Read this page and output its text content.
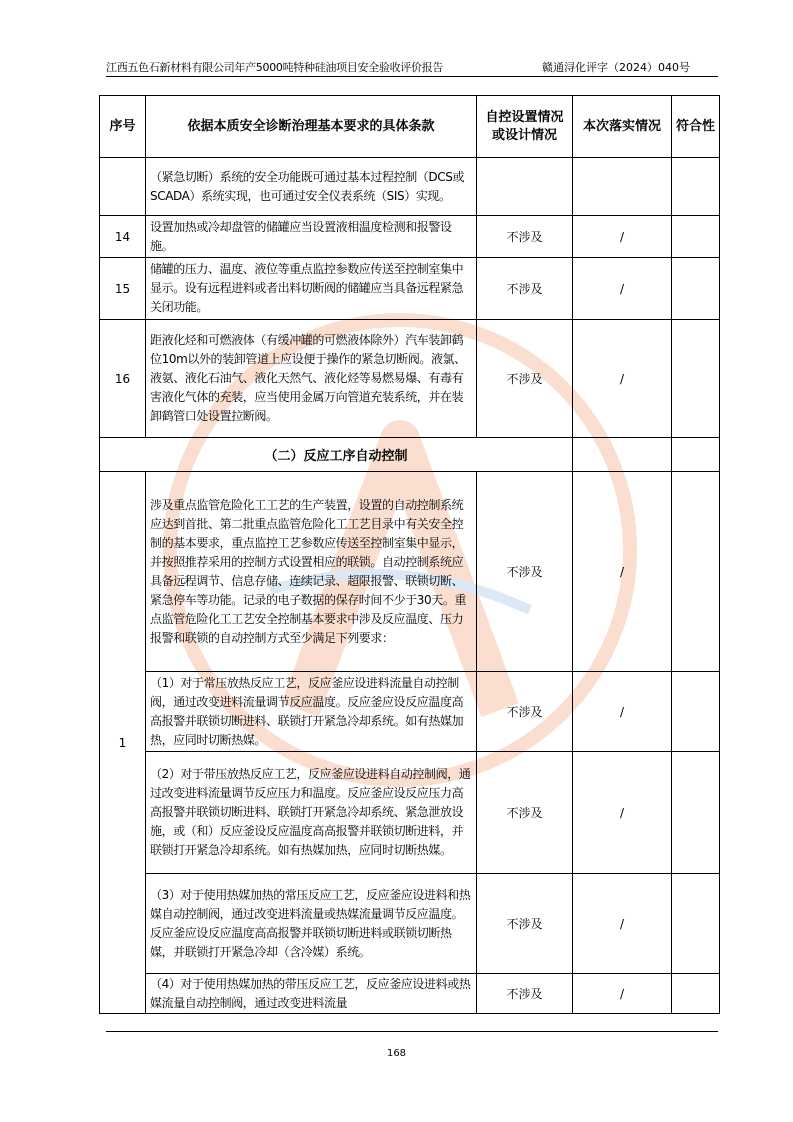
江西五色石新材料有限公司年产5000吨特种硅油项目安全验收评价报告	赣通浔化评字（2024）040号
序号	依据本质安全诊断治理基本要求的具体条款	自控设置情况或设计情况	本次落实情况	符合性
	（紧急切断）系统的安全功能既可通过基本过程控制（DCS或SCADA）系统实现，也可通过安全仪表系统（SIS）实现。			
14	设置加热或冷却盘管的储罐应当设置液相温度检测和报警设施。	不涉及	/	
15	储罐的压力、温度、液位等重点监控参数应传送至控制室集中显示。设有远程进料或者出料切断阀的储罐应当具备远程紧急关闭功能。	不涉及	/	
16	距液化烃和可燃液体（有缓冲罐的可燃液体除外）汽车装卸鹤位10m以外的装卸管道上应设便于操作的紧急切断阀。液氯、液氨、液化石油气、液化天然气、液化烃等易燃易爆、有毒有害液化气体的充装，应当使用金属万向管道充装系统，并在装卸鹤管口处设置拉断阀。	不涉及	/	
（二）反应工序自动控制				
1	涉及重点监管危险化工工艺的生产装置，设置的自动控制系统应达到首批、第二批重点监管危险化工工艺目录中有关安全控制的基本要求，重点监控工艺参数应传送至控制室集中显示，并按照推荐采用的控制方式设置相应的联锁。自动控制系统应具备远程调节、信息存储、连续记录、超限报警、联锁切断、紧急停车等功能。记录的电子数据的保存时间不少于30天。重点监管危险化工工艺安全控制基本要求中涉及反应温度、压力报警和联锁的自动控制方式至少满足下列要求：	不涉及	/	
	（1）对于常压放热反应工艺，反应釜应设进料流量自动控制阀，通过改变进料流量调节反应温度。反应釜应设反应温度高高报警并联锁切断进料、联锁打开紧急冷却系统。如有热媒加热，应同时切断热媒。	不涉及	/	
	（2）对于带压放热反应工艺，反应釜应设进料自动控制阀，通过改变进料流量调节反应压力和温度。反应釜应设反应压力高高报警并联锁切断进料、联锁打开紧急冷却系统、紧急泄放设施，或（和）反应釜设反应温度高高报警并联锁切断进料，并联锁打开紧急冷却系统。如有热媒加热，应同时切断热媒。	不涉及	/	
	（3）对于使用热媒加热的常压反应工艺，反应釜应设进料和热媒自动控制阀，通过改变进料流量或热媒流量调节反应温度。反应釜应设反应温度高高报警并联锁切断进料或联锁切断热媒，并联锁打开紧急冷却（含冷媒）系统。	不涉及	/	
	（4）对于使用热媒加热的带压反应工艺，反应釜应设进料或热媒流量自动控制阀，通过改变进料流量	不涉及	/	
168
